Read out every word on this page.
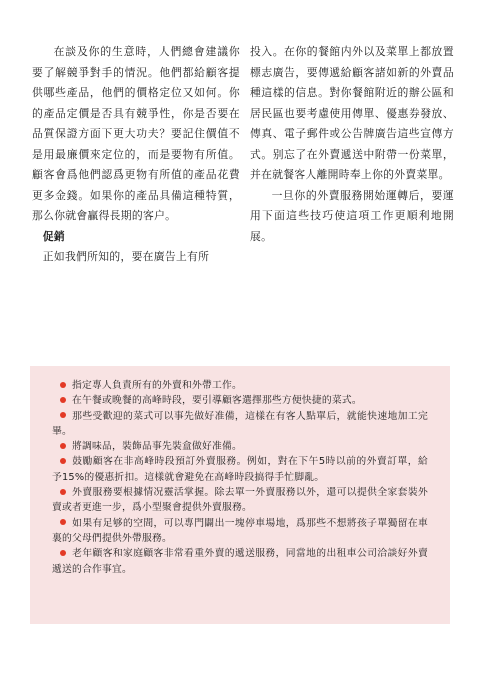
在談及你的生意時，人們總會建議你要了解競爭對手的情況。他們都給顧客提供哪些產品，他們的價格定位又如何。你的產品定價是否具有競爭性，你是否要在品質保證方面下更大功夫？要記住價值不是用最廉價來定位的，而是要物有所值。顧客會爲他們認爲更物有所值的產品花費更多金錢。如果你的產品具備這種特質，那么你就會贏得長期的客户。

促銷

正如我們所知的，要在廣告上有所

投入。在你的餐館内外以及菜單上都放置標志廣告，要傳遞給顧客諸如新的外賣品種這樣的信息。對你餐館附近的辦公區和居民區也要考慮使用傳單、優惠券發放、傳真、電子郵件或公告牌廣告這些宣傳方式。别忘了在外賣遞送中附帶一份菜單，并在就餐客人離開時奉上你的外賣菜單。

一旦你的外賣服務開始運轉后，要運用下面這些技巧使這項工作更順利地開展。

指定專人負責所有的外賣和外帶工作。
在午餐或晚餐的高峰時段，要引導顧客選擇那些方便快捷的菜式。
那些受歡迎的菜式可以事先做好准備，這樣在有客人點單后，就能快速地加工完畢。
將調味品，裝飾品事先裝盒做好准備。
鼓勵顧客在非高峰時段預訂外賣服務。例如，對在下午5時以前的外賣訂單，給予15%的優惠折扣。這樣就會避免在高峰時段搞得手忙脚亂。
外賣服務要根據情况靈活掌握。除去單一外賣服務以外，還可以提供全家套裝外賣或者更進一步，爲小型聚會提供外賣服務。
如果有足够的空間，可以專門闢出一塊停車場地，爲那些不想將孩子單獨留在車裏的父母們提供外帶服務。
老年顧客和家庭顧客非常看重外賣的遞送服務，同當地的出租車公司洽談好外賣遞送的合作事宜。
